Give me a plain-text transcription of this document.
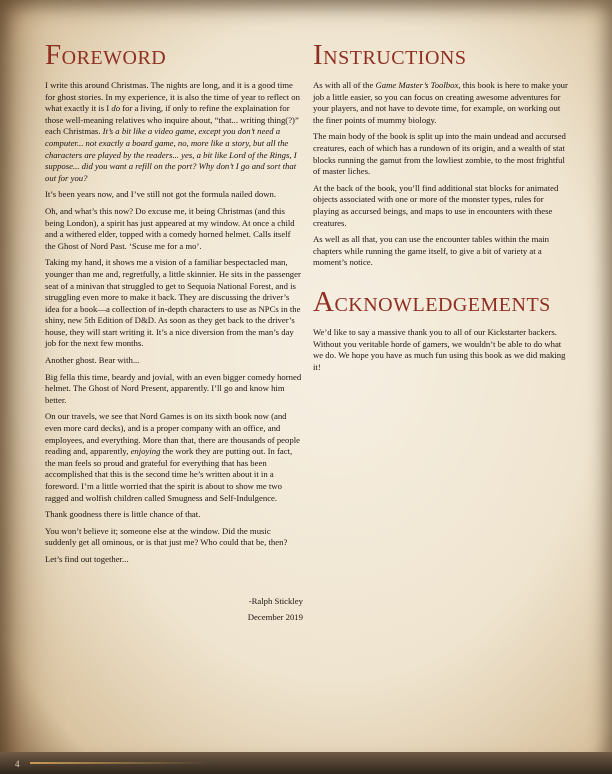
Foreword

I write this around Christmas. The nights are long, and it is a good time for ghost stories. In my experience, it is also the time of year to reflect on what exactly it is I do for a living, if only to refine the explaination for those well-meaning relatives who inquire about, “that... writing thing(?)” each Christmas. It’s a bit like a video game, except you don’t need a computer... not exactly a board game, no, more like a story, but all the characters are played by the readers... yes, a bit like Lord of the Rings, I suppose... did you want a refill on the port? Why don’t I go and sort that out for you?

It’s been years now, and I’ve still not got the formula nailed down.

Oh, and what’s this now? Do excuse me, it being Christmas (and this being London), a spirit has just appeared at my window. At once a child and a withered elder, topped with a comedy horned helmet. Calls itself the Ghost of Nord Past. ‘Scuse me for a mo’.

Taking my hand, it shows me a vision of a familiar bespectacled man, younger than me and, regretfully, a little skinnier. He sits in the passenger seat of a minivan that struggled to get to Sequoia National Forest, and is struggling even more to make it back. They are discussing the driver’s idea for a book—a collection of in-depth characters to use as NPCs in the shiny, new 5th Edition of D&D. As soon as they get back to the driver’s house, they will start writing it. It’s a nice diversion from the man’s day job for the next few months.

Another ghost. Bear with...

Big fella this time, beardy and jovial, with an even bigger comedy horned helmet. The Ghost of Nord Present, apparently. I’ll go and know him better.

On our travels, we see that Nord Games is on its sixth book now (and even more card decks), and is a proper company with an office, and employees, and everything. More than that, there are thousands of people reading and, apparently, enjoying the work they are putting out. In fact, the man feels so proud and grateful for everything that has been accomplished that this is the second time he’s written about it in a foreword. I’m a little worried that the spirit is about to show me two ragged and wolfish children called Smugness and Self-Indulgence.

Thank goodness there is little chance of that.

You won’t believe it; someone else at the window. Did the music suddenly get all ominous, or is that just me? Who could that be, then?

Let’s find out together...

-Ralph Stickley

December 2019

Instructions

As with all of the Game Master’s Toolbox, this book is here to make your job a little easier, so you can focus on creating awesome adventures for your players, and not have to devote time, for example, on working out the finer points of mummy biology.

The main body of the book is split up into the main undead and accursed creatures, each of which has a rundown of its origin, and a wealth of stat blocks running the gamut from the lowliest zombie, to the most frightful of master liches.

At the back of the book, you’ll find additional stat blocks for animated objects associated with one or more of the monster types, rules for playing as accursed beings, and maps to use in encounters with these creatures.

As well as all that, you can use the encounter tables within the main chapters while running the game itself, to give a bit of variety at a moment’s notice.

Acknowledgements

We’d like to say a massive thank you to all of our Kickstarter backers. Without you veritable horde of gamers, we wouldn’t be able to do what we do. We hope you have as much fun using this book as we did making it!

4
